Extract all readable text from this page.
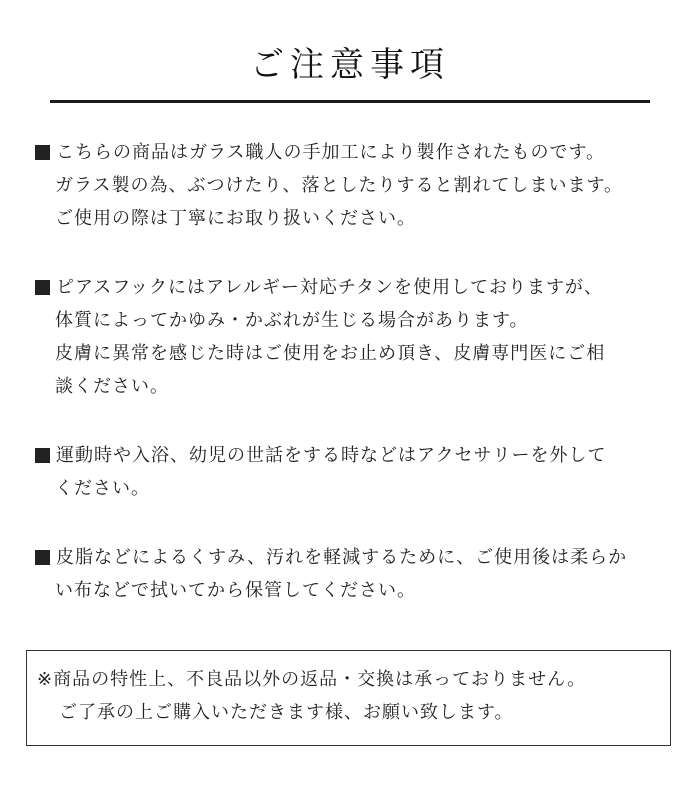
ご注意事項
こちらの商品はガラス職人の手加工により製作されたものです。
ガラス製の為、ぶつけたり、落としたりすると割れてしまいます。
ご使用の際は丁寧にお取り扱いください。
ピアスフックにはアレルギー対応チタンを使用しておりますが、
体質によってかゆみ・かぶれが生じる場合があります。
皮膚に異常を感じた時はご使用をお止め頂き、皮膚専門医にご相
談ください。
運動時や入浴、幼児の世話をする時などはアクセサリーを外して
ください。
皮脂などによるくすみ、汚れを軽減するために、ご使用後は柔らか
い布などで拭いてから保管してください。
※商品の特性上、不良品以外の返品・交換は承っておりません。
ご了承の上ご購入いただきます様、お願い致します。
